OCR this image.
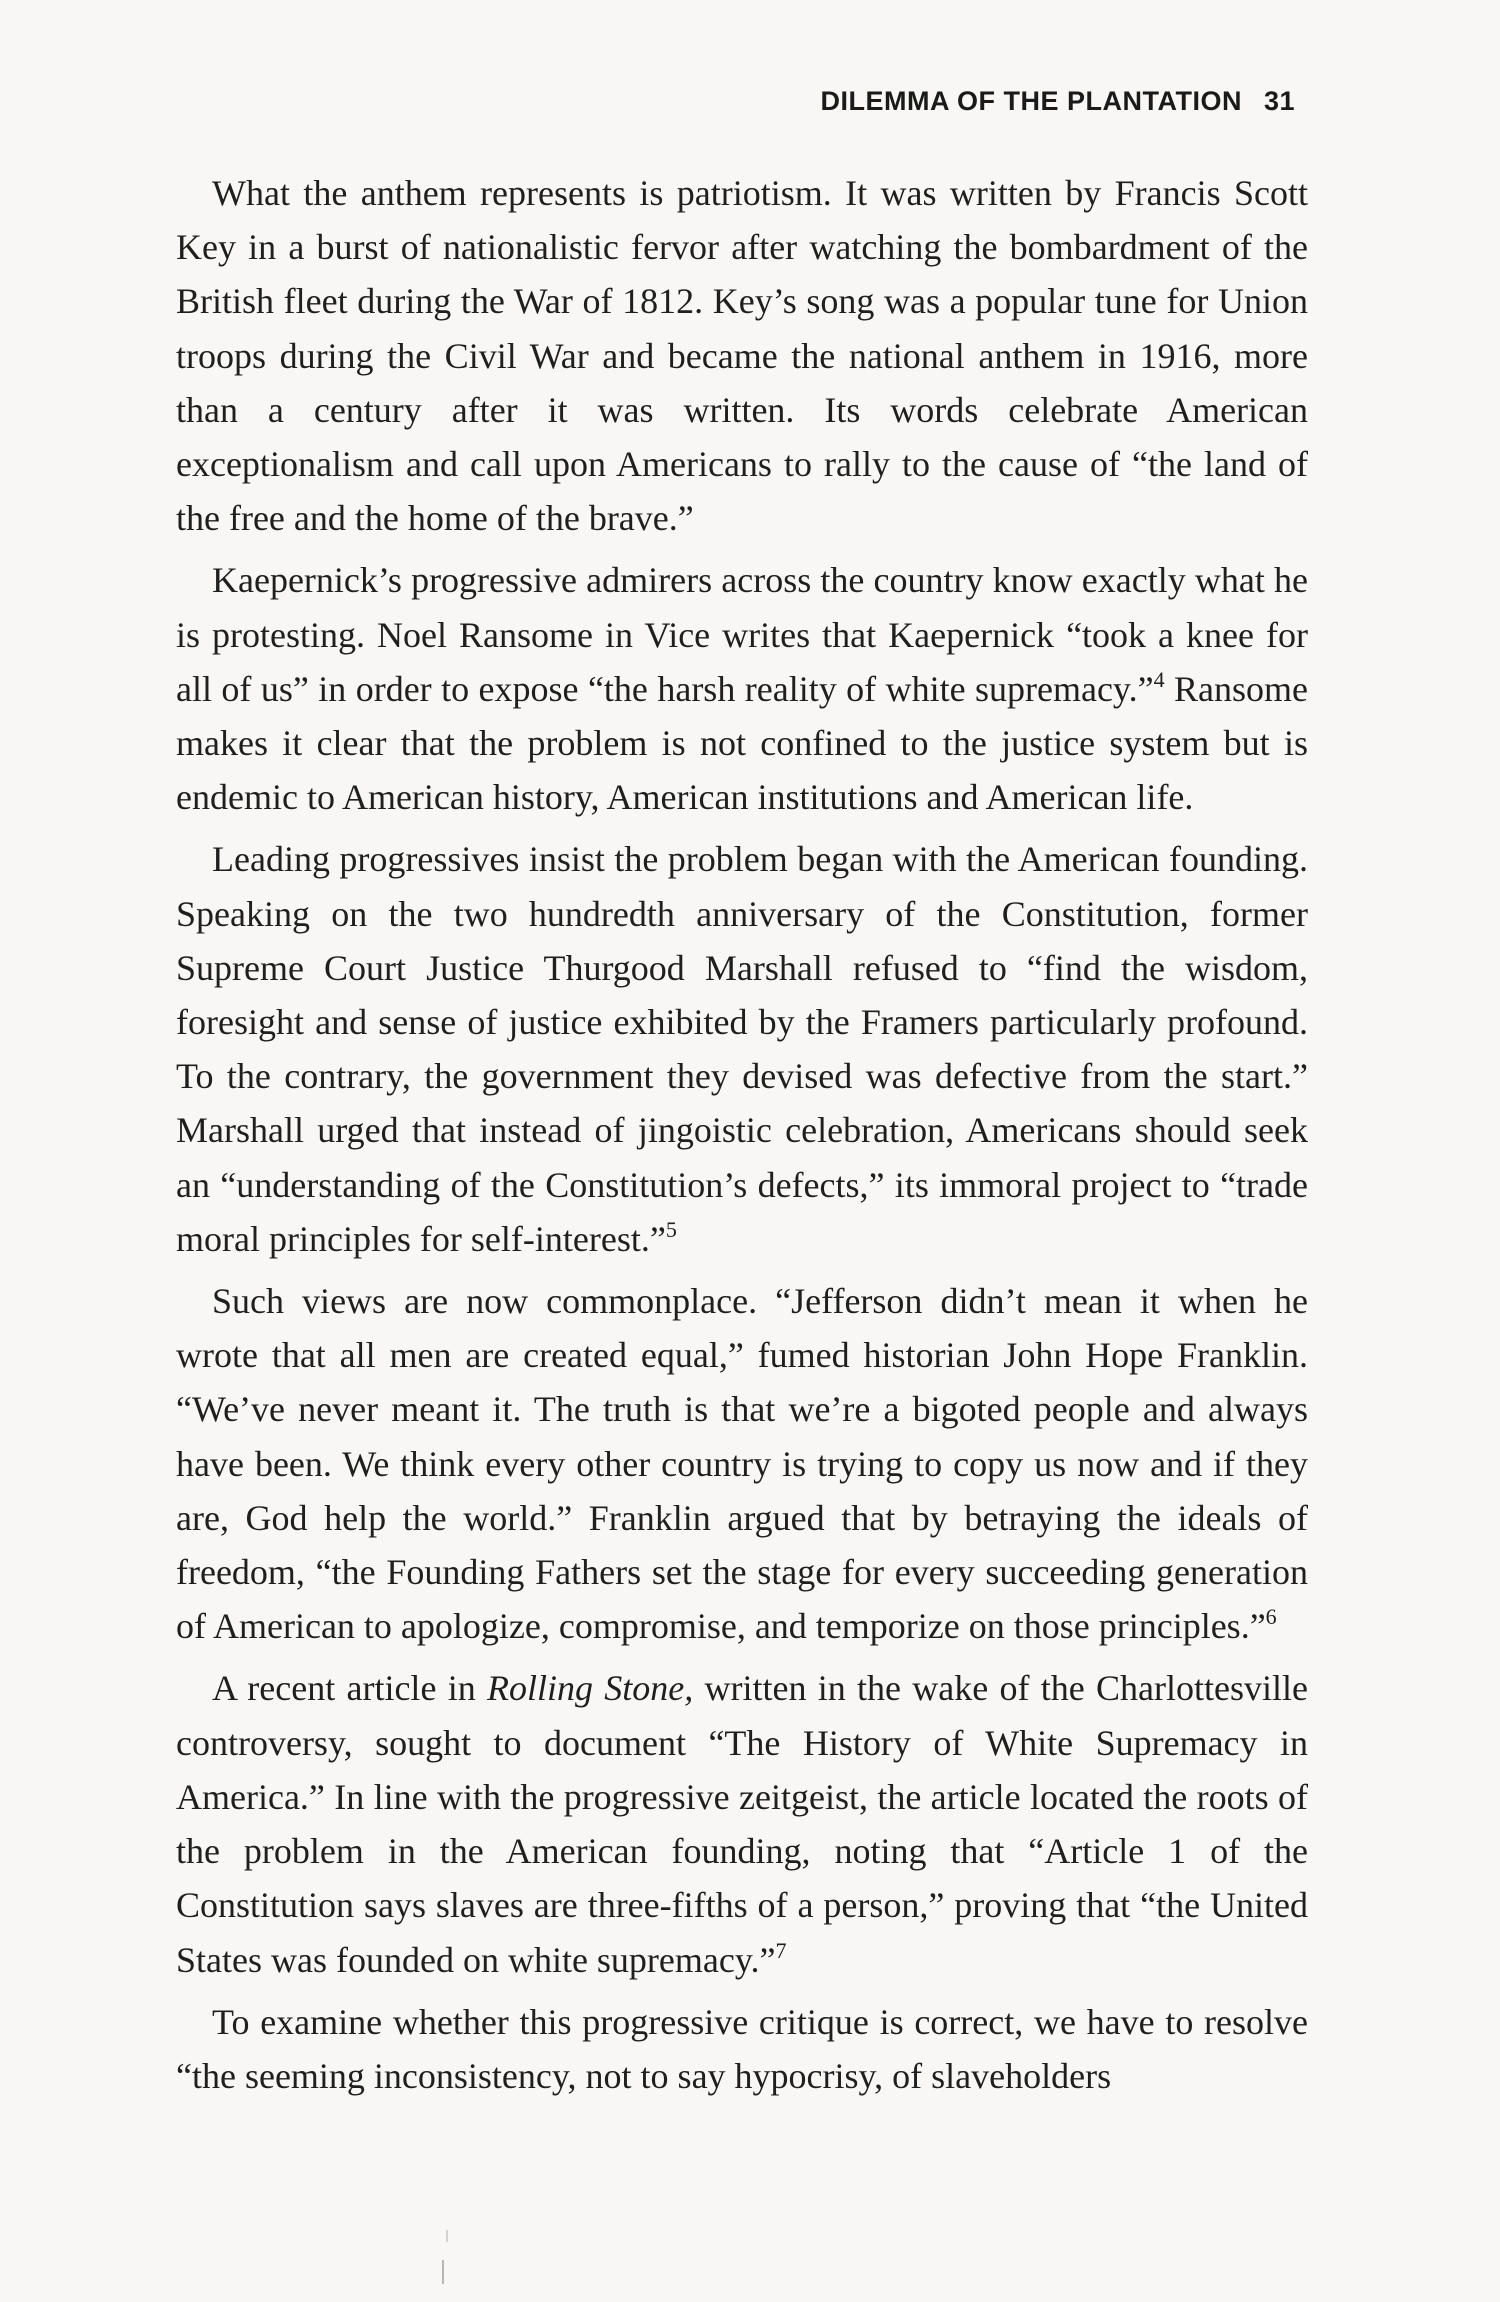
DILEMMA OF THE PLANTATION 31

What the anthem represents is patriotism. It was written by Francis Scott Key in a burst of nationalistic fervor after watching the bombardment of the British fleet during the War of 1812. Key’s song was a popular tune for Union troops during the Civil War and became the national anthem in 1916, more than a century after it was written. Its words celebrate American exceptionalism and call upon Americans to rally to the cause of “the land of the free and the home of the brave.”

Kaepernick’s progressive admirers across the country know exactly what he is protesting. Noel Ransome in Vice writes that Kaepernick “took a knee for all of us” in order to expose “the harsh reality of white supremacy.”$^4$ Ransome makes it clear that the problem is not confined to the justice system but is endemic to American history, American institutions and American life.

Leading progressives insist the problem began with the American founding. Speaking on the two hundredth anniversary of the Constitution, former Supreme Court Justice Thurgood Marshall refused to “find the wisdom, foresight and sense of justice exhibited by the Framers particularly profound. To the contrary, the government they devised was defective from the start.” Marshall urged that instead of jingoistic celebration, Americans should seek an “understanding of the Constitution’s defects,” its immoral project to “trade moral principles for self-interest.”$^5$

Such views are now commonplace. “Jefferson didn’t mean it when he wrote that all men are created equal,” fumed historian John Hope Franklin. “We’ve never meant it. The truth is that we’re a bigoted people and always have been. We think every other country is trying to copy us now and if they are, God help the world.” Franklin argued that by betraying the ideals of freedom, “the Founding Fathers set the stage for every succeeding generation of American to apologize, compromise, and temporize on those principles.”$^6$

A recent article in Rolling Stone, written in the wake of the Charlottesville controversy, sought to document “The History of White Supremacy in America.” In line with the progressive zeitgeist, the article located the roots of the problem in the American founding, noting that “Article 1 of the Constitution says slaves are three-fifths of a person,” proving that “the United States was founded on white supremacy.”$^7$

To examine whether this progressive critique is correct, we have to resolve “the seeming inconsistency, not to say hypocrisy, of slaveholders
